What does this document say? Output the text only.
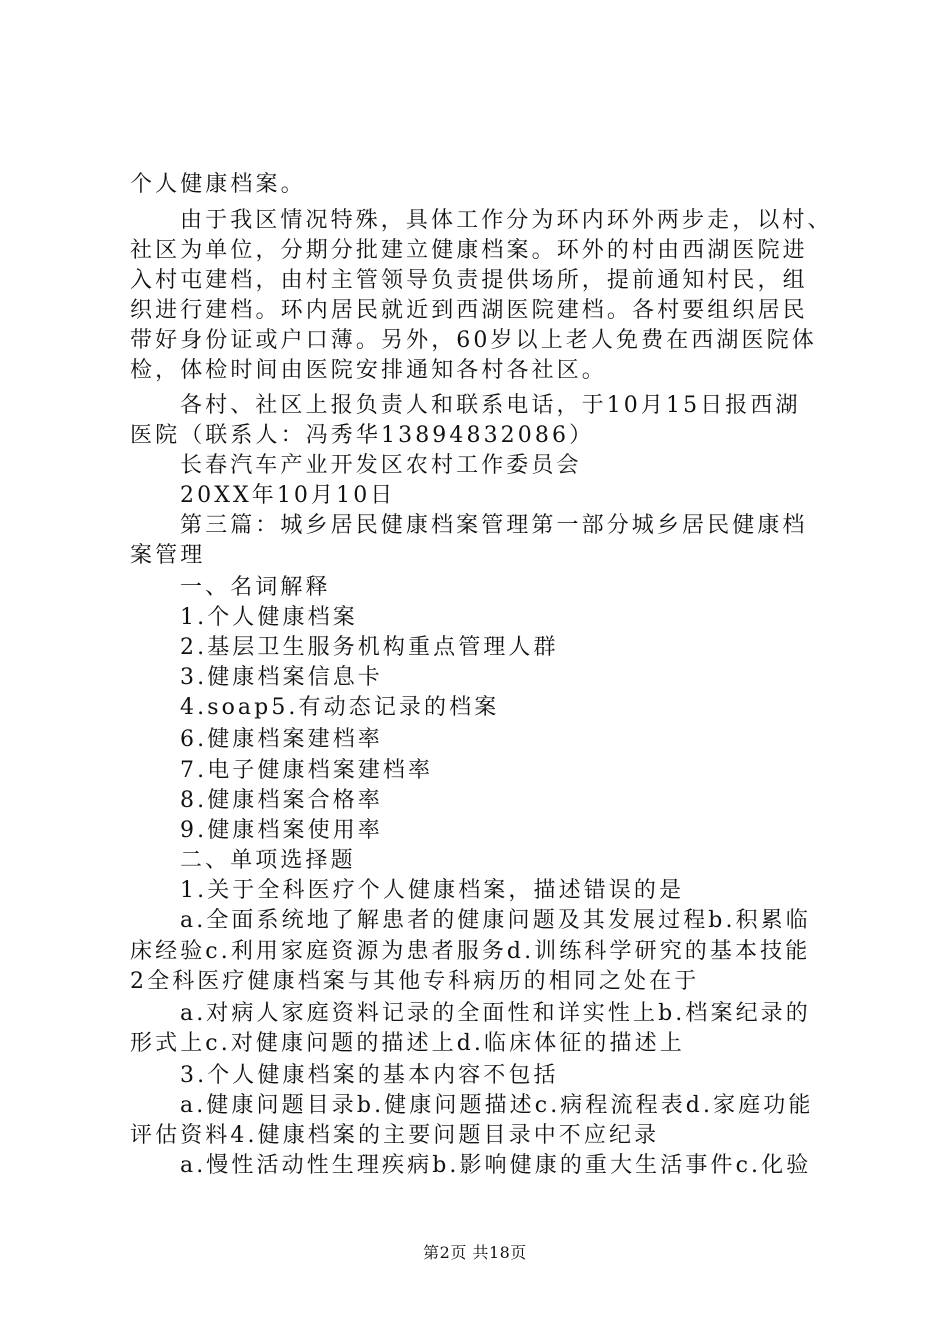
个人健康档案。
由于我区情况特殊，具体工作分为环内环外两步走，以村、
社区为单位，分期分批建立健康档案。环外的村由西湖医院进
入村屯建档，由村主管领导负责提供场所，提前通知村民，组
织进行建档。环内居民就近到西湖医院建档。各村要组织居民
带好身份证或户口薄。另外，60岁以上老人免费在西湖医院体
检，体检时间由医院安排通知各村各社区。
各村、社区上报负责人和联系电话，于10月15日报西湖
医院（联系人：冯秀华13894832086）
长春汽车产业开发区农村工作委员会
20XX年10月10日
第三篇：城乡居民健康档案管理第一部分城乡居民健康档
案管理
一、名词解释
1.个人健康档案
2.基层卫生服务机构重点管理人群
3.健康档案信息卡
4.soap5.有动态记录的档案
6.健康档案建档率
7.电子健康档案建档率
8.健康档案合格率
9.健康档案使用率
二、单项选择题
1.关于全科医疗个人健康档案，描述错误的是
a.全面系统地了解患者的健康问题及其发展过程b.积累临
床经验c.利用家庭资源为患者服务d.训练科学研究的基本技能
2全科医疗健康档案与其他专科病历的相同之处在于
a.对病人家庭资料记录的全面性和详实性上b.档案纪录的
形式上c.对健康问题的描述上d.临床体征的描述上
3.个人健康档案的基本内容不包括
a.健康问题目录b.健康问题描述c.病程流程表d.家庭功能
评估资料4.健康档案的主要问题目录中不应纪录
a.慢性活动性生理疾病b.影响健康的重大生活事件c.化验
第2页 共18页
